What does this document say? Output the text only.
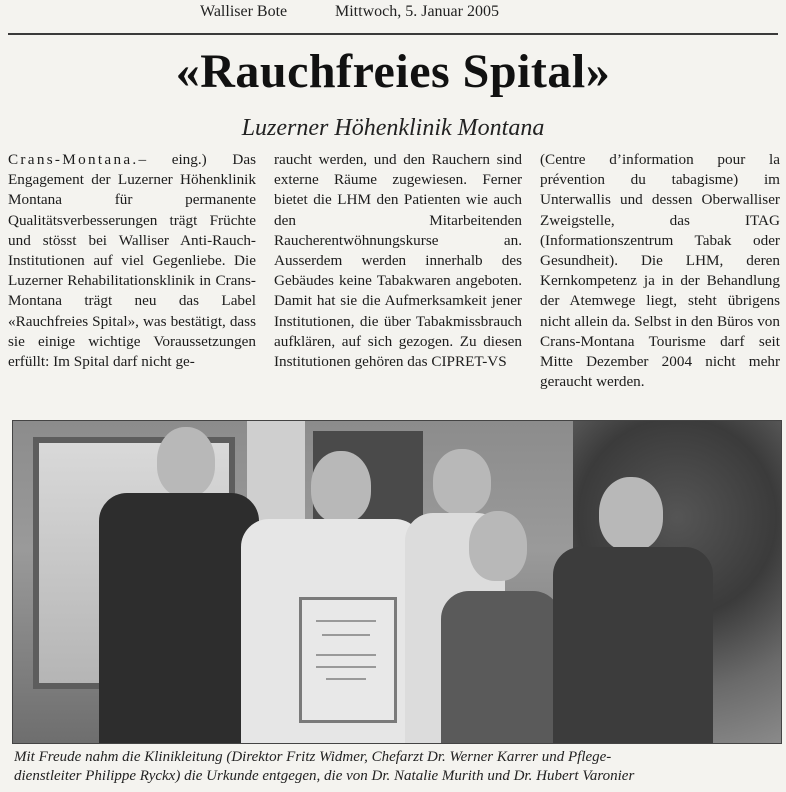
Walliser Bote	Mittwoch, 5. Januar 2005
«Rauchfreies Spital»
Luzerner Höhenklinik Montana
Crans-Montana.– eing.) Das Engagement der Luzerner Höhenklinik Montana für permanente Qualitätsverbesserungen trägt Früchte und stösst bei Walliser Anti-Rauch-Institutionen auf viel Gegenliebe. Die Luzerner Rehabilitationsklinik in Crans-Montana trägt neu das Label «Rauchfreies Spital», was bestätigt, dass sie einige wichtige Voraussetzungen erfüllt: Im Spital darf nicht ge-
raucht werden, und den Rauchern sind externe Räume zugewiesen. Ferner bietet die LHM den Patienten wie auch den Mitarbeitenden Raucherentwöhnungskurse an. Ausserdem werden innerhalb des Gebäudes keine Tabakwaren angeboten. Damit hat sie die Aufmerksamkeit jener Institutionen, die über Tabakmissbrauch aufklären, auf sich gezogen. Zu diesen Institutionen gehören das CIPRET-VS
(Centre d’information pour la prévention du tabagisme) im Unterwallis und dessen Oberwalliser Zweigstelle, das ITAG (Informationszentrum Tabak oder Gesundheit). Die LHM, deren Kernkompetenz ja in der Behandlung der Atemwege liegt, steht übrigens nicht allein da. Selbst in den Büros von Crans-Montana Tourisme darf seit Mitte Dezember 2004 nicht mehr geraucht werden.
Mit Freude nahm die Klinikleitung (Direktor Fritz Widmer, Chefarzt Dr. Werner Karrer und Pflege-
dienstleiter Philippe Ryckx) die Urkunde entgegen, die von Dr. Natalie Murith und Dr. Hubert Varonier
